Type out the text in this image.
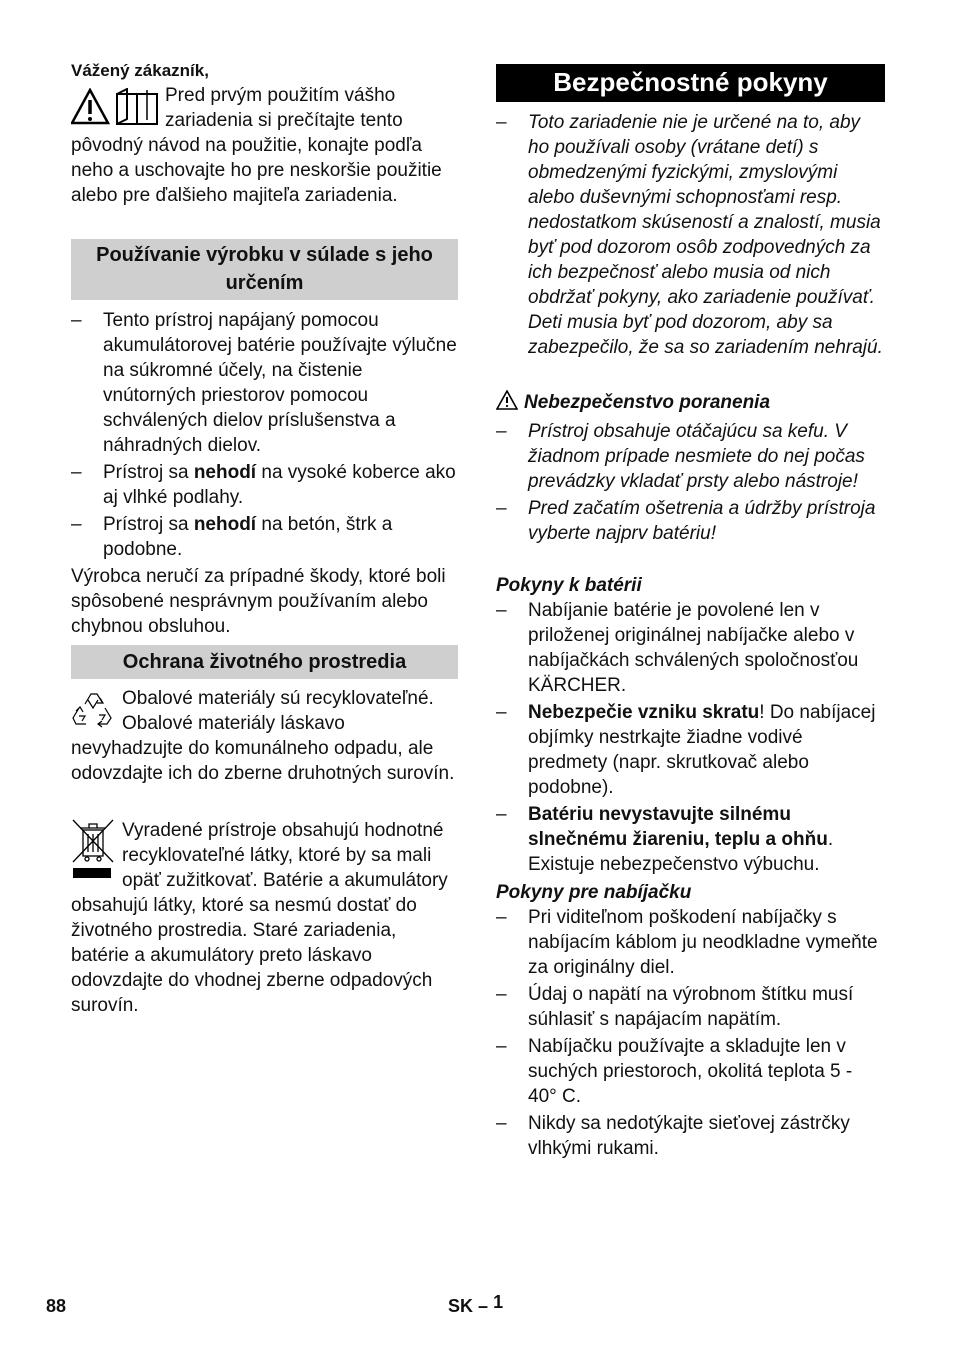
Vážený zákazník,

Pred prvým použitím vášho zariadenia si prečítajte tento pôvodný návod na použitie, konajte podľa neho a uschovajte ho pre neskoršie použitie alebo pre ďalšieho majiteľa zariadenia.

Používanie výrobku v súlade s jeho určením
– Tento prístroj napájaný pomocou akumulátorovej batérie používajte výlučne na súkromné účely, na čistenie vnútorných priestorov pomocou schválených dielov príslušenstva a náhradných dielov.
– Prístroj sa nehodí na vysoké koberce ako aj vlhké podlahy.
– Prístroj sa nehodí na betón, štrk a podobne.

Výrobca neručí za prípadné škody, ktoré boli spôsobené nesprávnym používaním alebo chybnou obsluhou.

Ochrana životného prostredia

Obalové materiály sú recyklovateľné. Obalové materiály láskavo nevyhadzujte do komunálneho odpadu, ale odovzdajte ich do zberne druhotných surovín.

Vyradené prístroje obsahujú hodnotné recyklovateľné látky, ktoré by sa mali opäť zužitkovať. Batérie a akumulátory obsahujú látky, ktoré sa nesmú dostať do životného prostredia. Staré zariadenia, batérie a akumulátory preto láskavo odovzdajte do vhodnej zberne odpadových surovín.

Bezpečnostné pokyny
– Toto zariadenie nie je určené na to, aby ho používali osoby (vrátane detí) s obmedzenými fyzickými, zmyslovými alebo duševnými schopnosťami resp. nedostatkom skúseností a znalostí, musia byť pod dozorom osôb zodpovedných za ich bezpečnosť alebo musia od nich obdržať pokyny, ako zariadenie používať. Deti musia byť pod dozorom, aby sa zabezpečilo, že sa so zariadením nehrajú.
Nebezpečenstvo poranenia
– Prístroj obsahuje otáčajúcu sa kefu. V žiadnom prípade nesmiete do nej počas prevádzky vkladať prsty alebo nástroje!
– Pred začatím ošetrenia a údržby prístroja vyberte najprv batériu!
Pokyny k batérii
– Nabíjanie batérie je povolené len v priloženej originálnej nabíjačke alebo v nabíjačkách schválených spoločnosťou KÄRCHER.
– Nebezpečie vzniku skratu! Do nabíjacej objímky nestrkajte žiadne vodivé predmety (napr. skrutkovač alebo podobne).
– Batériu nevystavujte silnému slnečnému žiareniu, teplu a ohňu. Existuje nebezpečenstvo výbuchu.
Pokyny pre nabíjačku
– Pri viditeľnom poškodení nabíjačky s nabíjacím káblom ju neodkladne vymeňte za originálny diel.
– Údaj o napätí na výrobnom štítku musí súhlasiť s napájacím napätím.
– Nabíjačku používajte a skladujte len v suchých priestoroch, okolitá teplota 5 - 40° C.
– Nikdy sa nedotýkajte sieťovej zástrčky vlhkými rukami.
88	SK – 1
